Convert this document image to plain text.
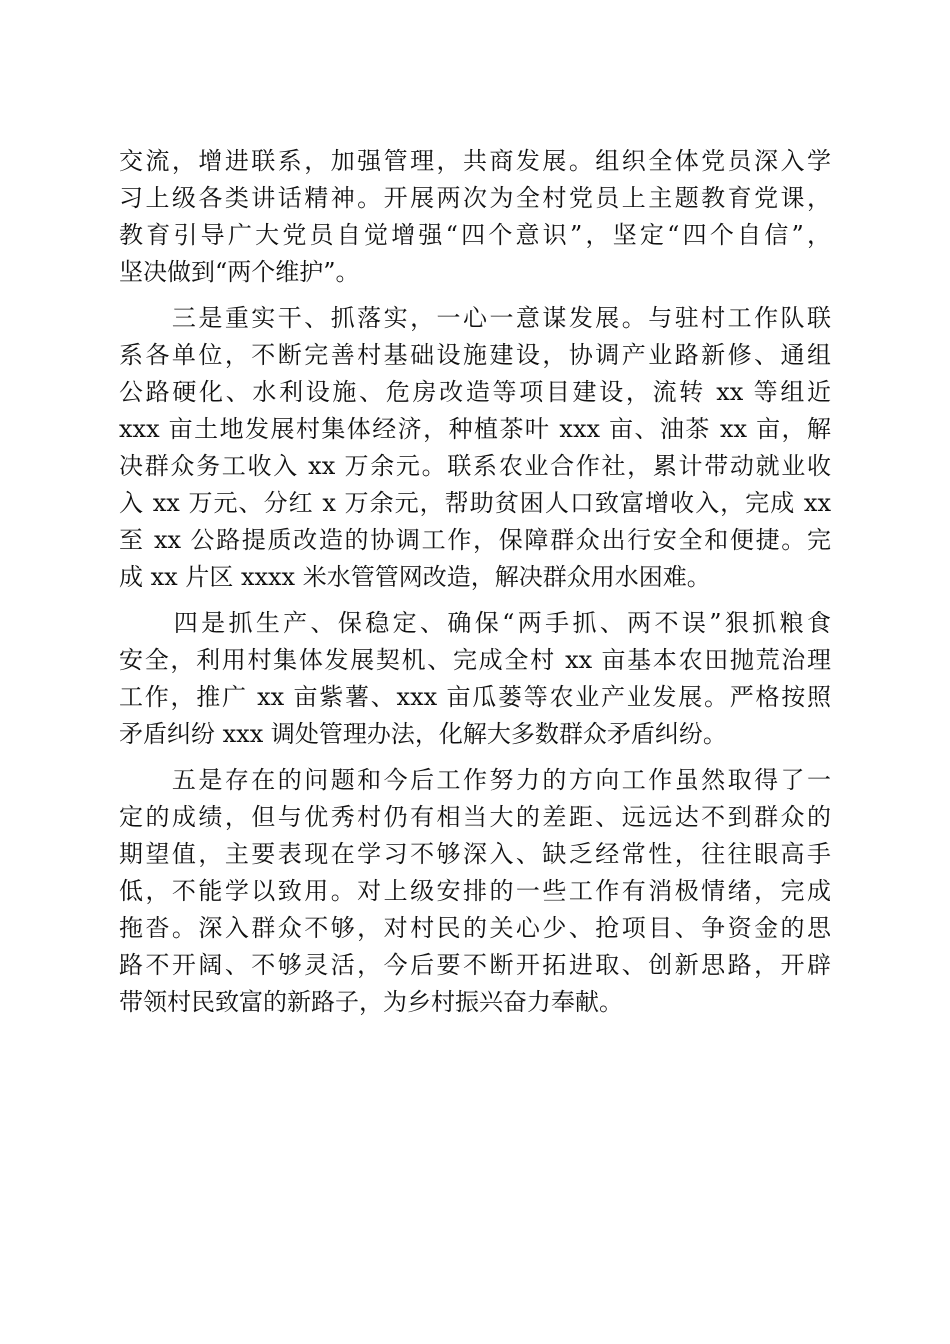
交流，增进联系，加强管理，共商发展。组织全体党员深入学
习上级各类讲话精神。开展两次为全村党员上主题教育党课，
教育引导广大党员自觉增强“四个意识”，坚定“四个自信”，
坚决做到“两个维护”。
　　三是重实干、抓落实，一心一意谋发展。与驻村工作队联
系各单位，不断完善村基础设施建设，协调产业路新修、通组
公路硬化、水利设施、危房改造等项目建设，流转 xx 等组近
xxx 亩土地发展村集体经济，种植茶叶 xxx 亩、油茶 xx 亩，解
决群众务工收入 xx 万余元。联系农业合作社，累计带动就业收
入 xx 万元、分红 x 万余元，帮助贫困人口致富增收入，完成 xx
至 xx 公路提质改造的协调工作，保障群众出行安全和便捷。完
成 xx 片区 xxxx 米水管管网改造，解决群众用水困难。
　　四是抓生产、保稳定、确保“两手抓、两不误”狠抓粮食
安全，利用村集体发展契机、完成全村 xx 亩基本农田抛荒治理
工作，推广 xx 亩紫薯、xxx 亩瓜蒌等农业产业发展。严格按照
矛盾纠纷 xxx 调处管理办法，化解大多数群众矛盾纠纷。
　　五是存在的问题和今后工作努力的方向工作虽然取得了一
定的成绩，但与优秀村仍有相当大的差距、远远达不到群众的
期望值，主要表现在学习不够深入、缺乏经常性，往往眼高手
低，不能学以致用。对上级安排的一些工作有消极情绪，完成
拖沓。深入群众不够，对村民的关心少、抢项目、争资金的思
路不开阔、不够灵活，今后要不断开拓进取、创新思路，开辟
带领村民致富的新路子，为乡村振兴奋力奉献。
